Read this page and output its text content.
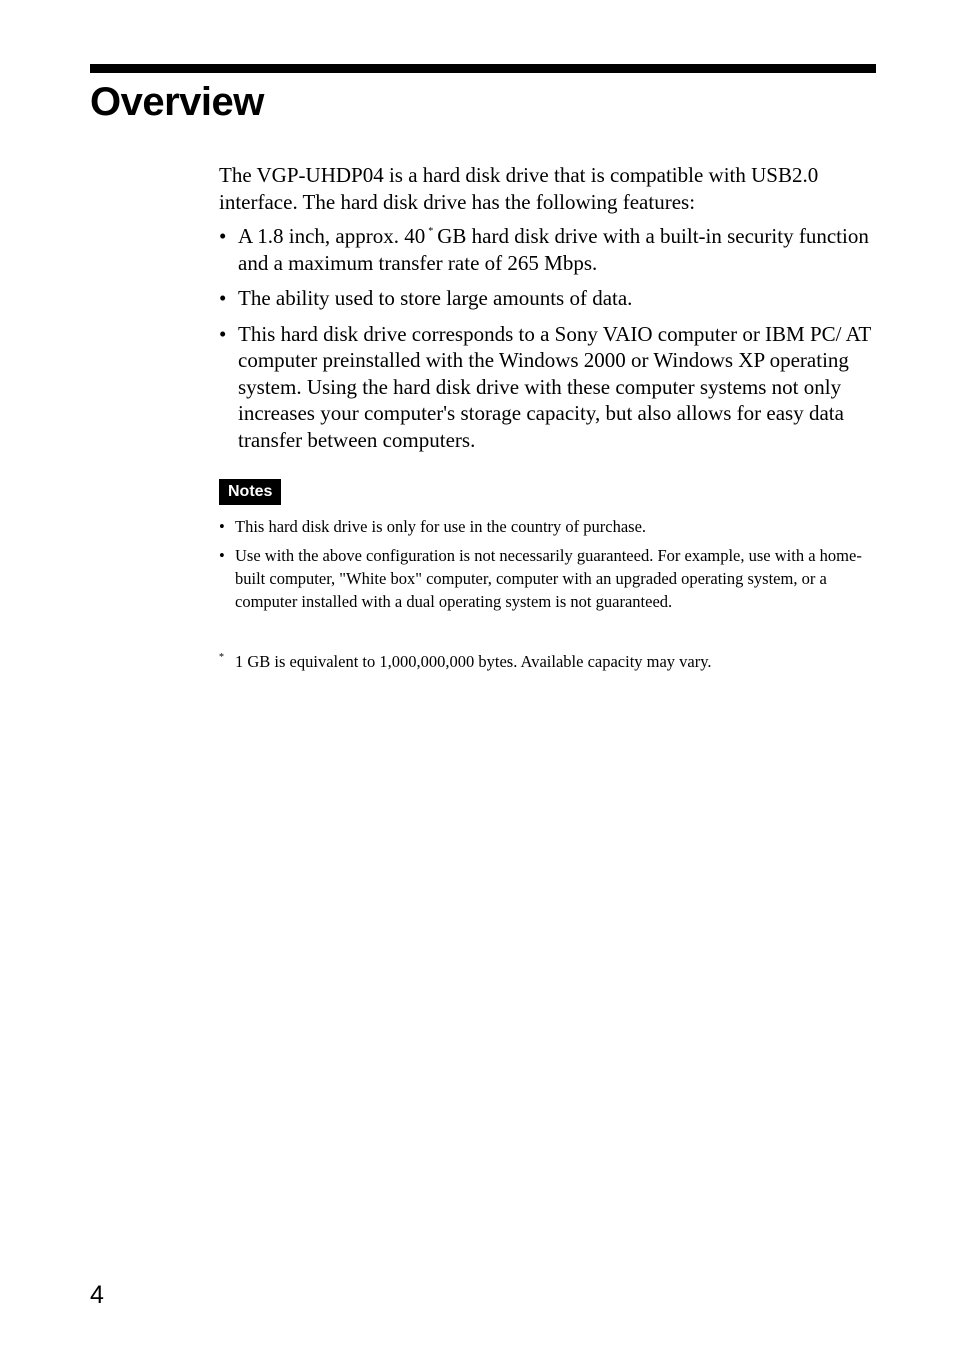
Overview

The VGP-UHDP04 is a hard disk drive that is compatible with USB2.0 interface. The hard disk drive has the following features:

• A 1.8 inch, approx. 40 * GB hard disk drive with a built-in security function and a maximum transfer rate of 265 Mbps.
• The ability used to store large amounts of data.
• This hard disk drive corresponds to a Sony VAIO computer or IBM PC/ AT computer preinstalled with the Windows 2000 or Windows XP operating system. Using the hard disk drive with these computer systems not only increases your computer's storage capacity, but also allows for easy data transfer between computers.
Notes
• This hard disk drive is only for use in the country of purchase.
• Use with the above configuration is not necessarily guaranteed. For example, use with a home-built computer, "White box" computer, computer with an upgraded operating system, or a computer installed with a dual operating system is not guaranteed.

* 1 GB is equivalent to 1,000,000,000 bytes. Available capacity may vary.

4
